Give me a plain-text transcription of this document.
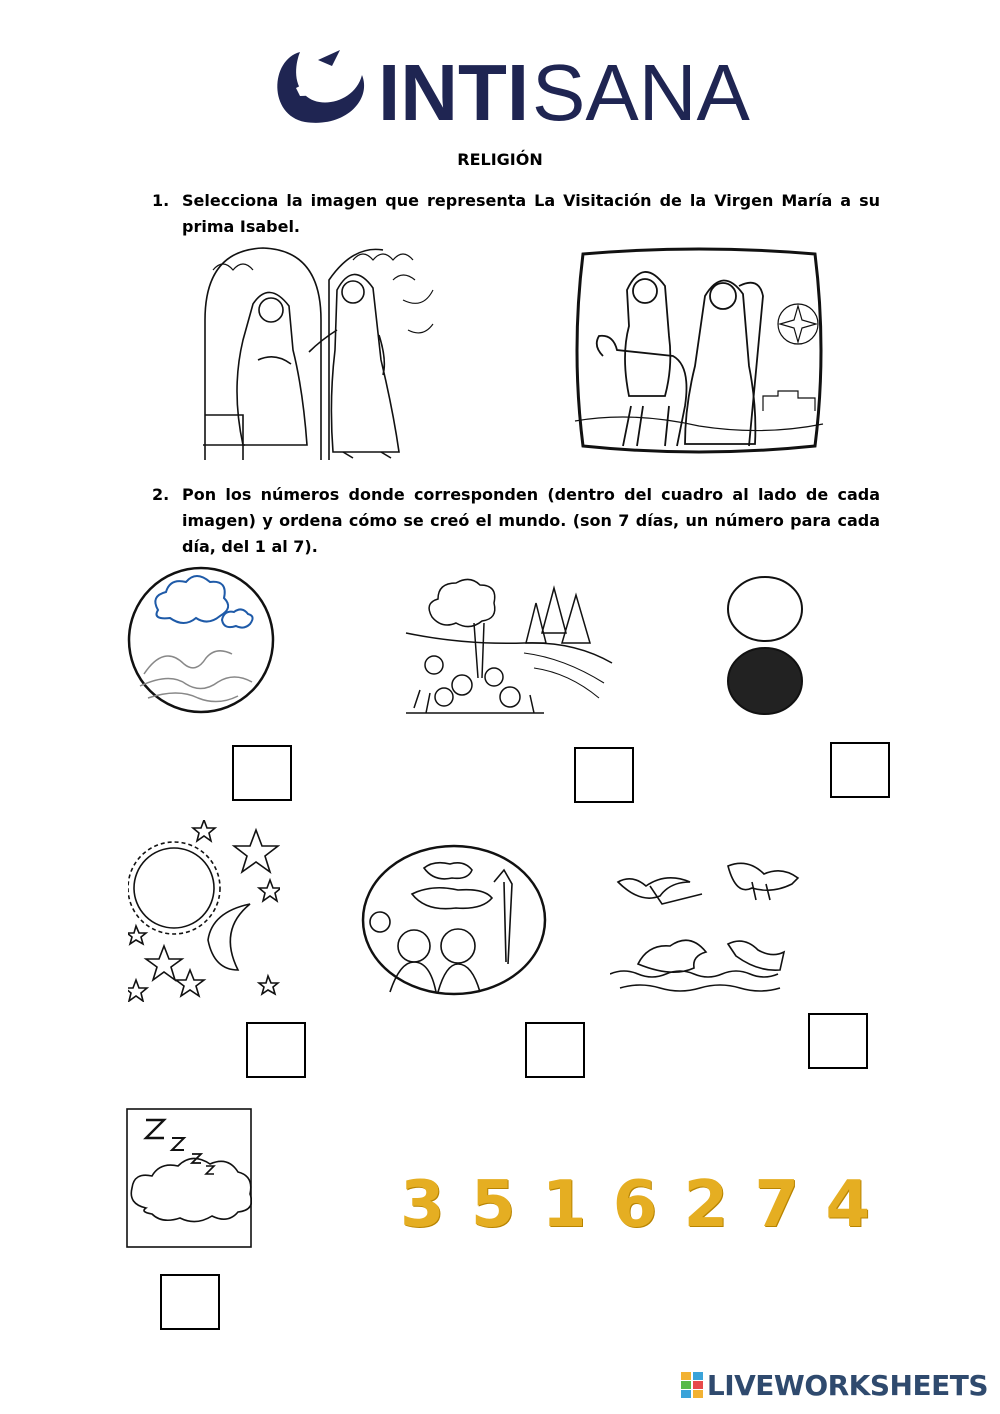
INTI SANA
RELIGIÓN
1. Selecciona la imagen que representa La Visitación de la Virgen María a su prima Isabel.
2. Pon los números donde corresponden (dentro del cuadro al lado de cada imagen) y ordena cómo se creó el mundo. (son 7 días, un número para cada día, del 1 al 7).
3 5 1 6 2 7 4
LIVEWORKSHEETS
